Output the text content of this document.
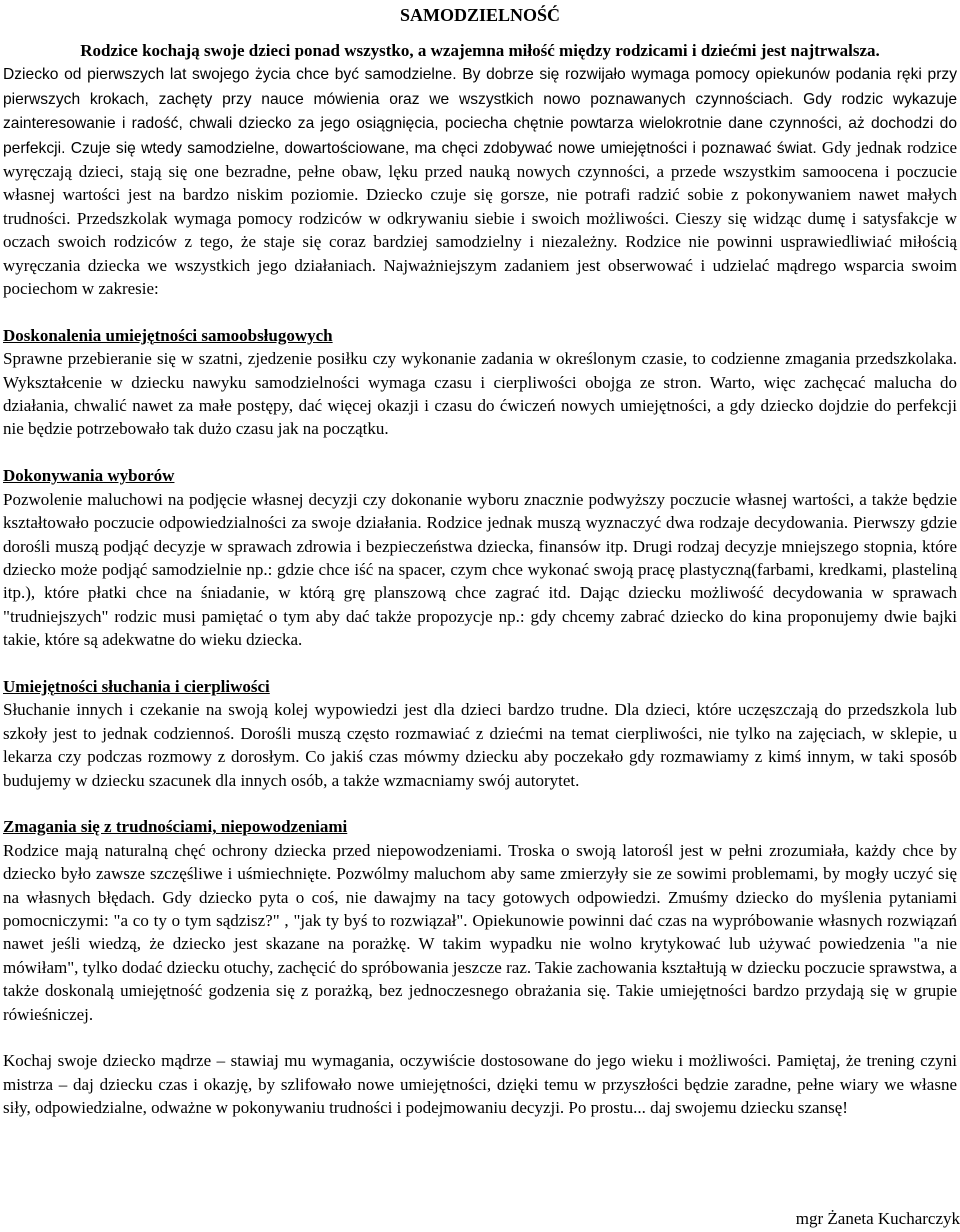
SAMODZIELNOŚĆ

Rodzice kochają swoje dzieci ponad wszystko, a wzajemna miłość między rodzicami i dziećmi jest najtrwalsza.

Dziecko od pierwszych lat swojego życia chce być samodzielne. By dobrze się rozwijało wymaga pomocy opiekunów podania ręki przy pierwszych krokach, zachęty przy nauce mówienia oraz we wszystkich nowo poznawanych czynnościach. Gdy rodzic wykazuje zainteresowanie i radość, chwali dziecko za jego osiągnięcia, pociecha chętnie powtarza wielokrotnie dane czynności, aż dochodzi do perfekcji. Czuje się wtedy samodzielne, dowartościowane, ma chęci zdobywać nowe umiejętności i poznawać świat. Gdy jednak rodzice wyręczają dzieci, stają się one bezradne, pełne obaw, lęku przed nauką nowych czynności, a przede wszystkim samoocena i poczucie własnej wartości jest na bardzo niskim poziomie. Dziecko czuje się gorsze, nie potrafi radzić sobie z pokonywaniem nawet małych trudności. Przedszkolak wymaga pomocy rodziców w odkrywaniu siebie i swoich możliwości. Cieszy się widząc dumę i satysfakcje w oczach swoich rodziców z tego, że staje się coraz bardziej samodzielny i niezależny. Rodzice nie powinni usprawiedliwiać miłością wyręczania dziecka we wszystkich jego działaniach. Najważniejszym zadaniem jest obserwować i udzielać mądrego wsparcia swoim pociechom w zakresie:

Doskonalenia umiejętności samoobsługowych

Sprawne przebieranie się w szatni, zjedzenie posiłku czy wykonanie zadania w określonym czasie, to codzienne zmagania przedszkolaka. Wykształcenie w dziecku nawyku samodzielności wymaga czasu i cierpliwości obojga ze stron. Warto, więc zachęcać malucha do działania, chwalić nawet za małe postępy, dać więcej okazji i czasu do ćwiczeń nowych umiejętności, a gdy dziecko dojdzie do perfekcji nie będzie potrzebowało tak dużo czasu jak na początku.

Dokonywania wyborów

Pozwolenie maluchowi na podjęcie własnej decyzji czy dokonanie wyboru znacznie podwyższy poczucie własnej wartości, a także będzie kształtowało poczucie odpowiedzialności za swoje działania. Rodzice jednak muszą wyznaczyć dwa rodzaje decydowania. Pierwszy gdzie dorośli muszą podjąć decyzje w sprawach zdrowia i bezpieczeństwa dziecka, finansów itp. Drugi rodzaj decyzje mniejszego stopnia, które dziecko może podjąć samodzielnie np.: gdzie chce iść na spacer, czym chce wykonać swoją pracę plastyczną(farbami, kredkami, plasteliną itp.), które płatki chce na śniadanie, w którą grę planszową chce zagrać itd. Dając dziecku możliwość decydowania w sprawach "trudniejszych" rodzic musi pamiętać o tym aby dać także propozycje np.: gdy chcemy zabrać dziecko do kina proponujemy dwie bajki takie, które są adekwatne do wieku dziecka.

Umiejętności słuchania i cierpliwości

Słuchanie innych i czekanie na swoją kolej wypowiedzi jest dla dzieci bardzo trudne. Dla dzieci, które uczęszczają do przedszkola lub szkoły jest to jednak codziennoś. Dorośli muszą często rozmawiać z dziećmi na temat cierpliwości, nie tylko na zajęciach, w sklepie, u lekarza czy podczas rozmowy z dorosłym. Co jakiś czas mówmy dziecku aby poczekało gdy rozmawiamy z kimś innym, w taki sposób budujemy w dziecku szacunek dla innych osób, a także wzmacniamy swój autorytet.

Zmagania się z trudnościami, niepowodzeniami

Rodzice mają naturalną chęć ochrony dziecka przed niepowodzeniami. Troska o swoją latorośl jest w pełni zrozumiała, każdy chce by dziecko było zawsze szczęśliwe i uśmiechnięte. Pozwólmy maluchom aby same zmierzyły sie ze sowimi problemami, by mogły uczyć się na własnych błędach. Gdy dziecko pyta o coś, nie dawajmy na tacy gotowych odpowiedzi. Zmuśmy dziecko do myślenia pytaniami pomocniczymi: "a co ty o tym sądzisz?" , "jak ty byś to rozwiązał". Opiekunowie powinni dać czas na wypróbowanie własnych rozwiązań nawet jeśli wiedzą, że dziecko jest skazane na porażkę. W takim wypadku nie wolno krytykować lub używać powiedzenia "a nie mówiłam", tylko dodać dziecku otuchy, zachęcić do spróbowania jeszcze raz. Takie zachowania kształtują w dziecku poczucie sprawstwa, a także doskonalą umiejętność godzenia się z porażką, bez jednoczesnego obrażania się. Takie umiejętności bardzo przydają się w grupie rówieśniczej.

Kochaj swoje dziecko mądrze – stawiaj mu wymagania, oczywiście dostosowane do jego wieku i możliwości. Pamiętaj, że trening czyni mistrza – daj dziecku czas i okazję, by szlifowało nowe umiejętności, dzięki temu w przyszłości będzie zaradne, pełne wiary we własne siły, odpowiedzialne, odważne w pokonywaniu trudności i podejmowaniu decyzji. Po prostu... daj swojemu dziecku szansę!

mgr Żaneta Kucharczyk
